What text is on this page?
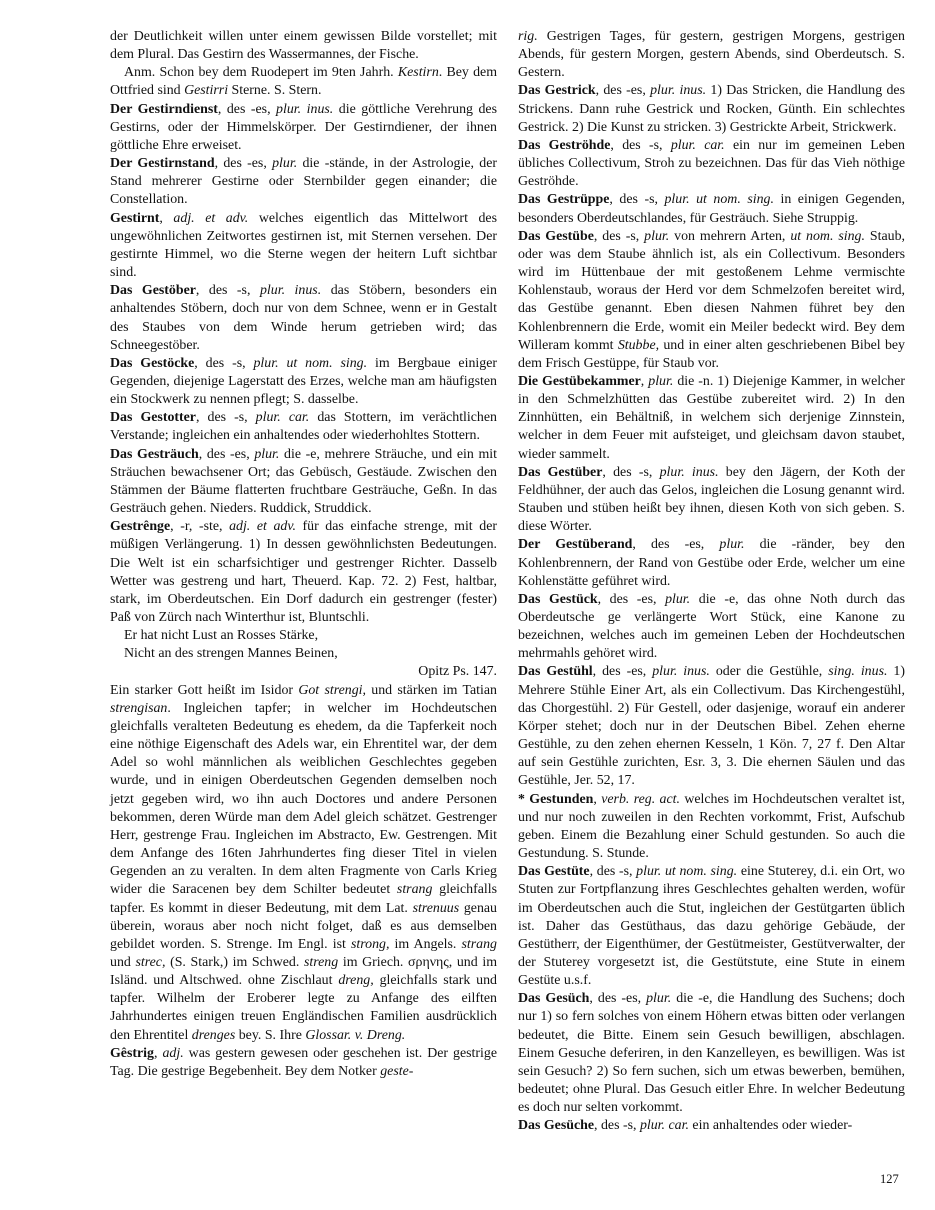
der Deutlichkeit willen unter einem gewissen Bilde vorstellet; mit dem Plural. Das Gestirn des Wassermannes, der Fische.

Anm. Schon bey dem Ruodepert im 9ten Jahrh. Kestirn. Bey dem Ottfried sind Gestirri Sterne. S. Stern.

Der Gestirndienst, des -es, plur. inus. die göttliche Verehrung des Gestirns, oder der Himmelskörper. Der Gestirndiener, der ihnen göttliche Ehre erweiset.

Der Gestirnstand, des -es, plur. die -stände, in der Astrologie, der Stand mehrerer Gestirne oder Sternbilder gegen einander; die Constellation.

Gestirnt, adj. et adv. welches eigentlich das Mittelwort des ungewöhnlichen Zeitwortes gestirnen ist, mit Sternen versehen. Der gestirnte Himmel, wo die Sterne wegen der heitern Luft sichtbar sind.

Das Gestöber, des -s, plur. inus. das Stöbern, besonders ein anhaltendes Stöbern, doch nur von dem Schnee, wenn er in Gestalt des Staubes von dem Winde herum getrieben wird; das Schneegestöber.

Das Gestöcke, des -s, plur. ut nom. sing. im Bergbaue einiger Gegenden, diejenige Lagerstatt des Erzes, welche man am häufigsten ein Stockwerk zu nennen pflegt; S. dasselbe.

Das Gestotter, des -s, plur. car. das Stottern, im verächtlichen Verstande; ingleichen ein anhaltendes oder wiederhohltes Stottern.

Das Gesträuch, des -es, plur. die -e, mehrere Sträuche, und ein mit Sträuchen bewachsener Ort; das Gebüsch, Gestäude. Zwischen den Stämmen der Bäume flatterten fruchtbare Gesträuche, Geßn. In das Gesträuch gehen. Nieders. Ruddick, Struddick.

Gestrênge, -r, -ste, adj. et adv. für das einfache strenge, mit der müßigen Verlängerung. 1) In dessen gewöhnlichsten Bedeutungen. Die Welt ist ein scharfsichtiger und gestrenger Richter. Dasselb Wetter was gestreng und hart, Theuerd. Kap. 72. 2) Fest, haltbar, stark, im Oberdeutschen. Ein Dorf dadurch ein gestrenger (fester) Paß von Zürch nach Winterthur ist, Bluntschli.

Er hat nicht Lust an Rosses Stärke,

Nicht an des strengen Mannes Beinen,

Opitz Ps. 147.

Ein starker Gott heißt im Isidor Got strengi, und stärken im Tatian strengisan. Ingleichen tapfer; in welcher im Hochdeutschen gleichfalls veralteten Bedeutung es ehedem, da die Tapferkeit noch eine nöthige Eigenschaft des Adels war, ein Ehrentitel war, der dem Adel so wohl männlichen als weiblichen Geschlechtes gegeben wurde, und in einigen Oberdeutschen Gegenden demselben noch jetzt gegeben wird, wo ihn auch Doctores und andere Personen bekommen, deren Würde man dem Adel gleich schätzet. Gestrenger Herr, gestrenge Frau. Ingleichen im Abstracto, Ew. Gestrengen. Mit dem Anfange des 16ten Jahrhundertes fing dieser Titel in vielen Gegenden an zu veralten. In dem alten Fragmente von Carls Krieg wider die Saracenen bey dem Schilter bedeutet strang gleichfalls tapfer. Es kommt in dieser Bedeutung, mit dem Lat. strenuus genau überein, woraus aber noch nicht folget, daß es aus demselben gebildet worden. S. Strenge. Im Engl. ist strong, im Angels. strang und strec, (S. Stark,) im Schwed. streng im Griech. σρηνης, und im Isländ. und Altschwed. ohne Zischlaut dreng, gleichfalls stark und tapfer. Wilhelm der Eroberer legte zu Anfange des eilften Jahrhundertes einigen treuen Engländischen Familien ausdrücklich den Ehrentitel drenges bey. S. Ihre Glossar. v. Dreng.

Gêstrig, adj. was gestern gewesen oder geschehen ist. Der gestrige Tag. Die gestrige Begebenheit. Bey dem Notker geste-

rig. Gestrigen Tages, für gestern, gestrigen Morgens, gestrigen Abends, für gestern Morgen, gestern Abends, sind Oberdeutsch. S. Gestern.

Das Gestrick, des -es, plur. inus. 1) Das Stricken, die Handlung des Strickens. Dann ruhe Gestrick und Rocken, Günth. Ein schlechtes Gestrick. 2) Die Kunst zu stricken. 3) Gestrickte Arbeit, Strickwerk.

Das Geströhde, des -s, plur. car. ein nur im gemeinen Leben übliches Collectivum, Stroh zu bezeichnen. Das für das Vieh nöthige Geströhde.

Das Gestrüppe, des -s, plur. ut nom. sing. in einigen Gegenden, besonders Oberdeutschlandes, für Gesträuch. Siehe Struppig.

Das Gestübe, des -s, plur. von mehrern Arten, ut nom. sing. Staub, oder was dem Staube ähnlich ist, als ein Collectivum. Besonders wird im Hüttenbaue der mit gestoßenem Lehme vermischte Kohlenstaub, woraus der Herd vor dem Schmelzofen bereitet wird, das Gestübe genannt. Eben diesen Nahmen führet bey den Kohlenbrennern die Erde, womit ein Meiler bedeckt wird. Bey dem Willeram kommt Stubbe, und in einer alten geschriebenen Bibel bey dem Frisch Gestüppe, für Staub vor.

Die Gestübekammer, plur. die -n. 1) Diejenige Kammer, in welcher in den Schmelzhütten das Gestübe zubereitet wird. 2) In den Zinnhütten, ein Behältniß, in welchem sich derjenige Zinnstein, welcher in dem Feuer mit aufsteiget, und gleichsam davon staubet, wieder sammelt.

Das Gestüber, des -s, plur. inus. bey den Jägern, der Koth der Feldhühner, der auch das Gelos, ingleichen die Losung genannt wird. Stauben und stüben heißt bey ihnen, diesen Koth von sich geben. S. diese Wörter.

Der Gestüberand, des -es, plur. die -ränder, bey den Kohlenbrennern, der Rand von Gestübe oder Erde, welcher um eine Kohlenstätte geführet wird.

Das Gestück, des -es, plur. die -e, das ohne Noth durch das Oberdeutsche ge verlängerte Wort Stück, eine Kanone zu bezeichnen, welches auch im gemeinen Leben der Hochdeutschen mehrmahls gehöret wird.

Das Gestühl, des -es, plur. inus. oder die Gestühle, sing. inus. 1) Mehrere Stühle Einer Art, als ein Collectivum. Das Kirchengestühl, das Chorgestühl. 2) Für Gestell, oder dasjenige, worauf ein anderer Körper stehet; doch nur in der Deutschen Bibel. Zehen eherne Gestühle, zu den zehen ehernen Kesseln, 1 Kön. 7, 27 f. Den Altar auf sein Gestühle zurichten, Esr. 3, 3. Die ehernen Säulen und das Gestühle, Jer. 52, 17.

* Gestunden, verb. reg. act. welches im Hochdeutschen veraltet ist, und nur noch zuweilen in den Rechten vorkommt, Frist, Aufschub geben. Einem die Bezahlung einer Schuld gestunden. So auch die Gestundung. S. Stunde.

Das Gestüte, des -s, plur. ut nom. sing. eine Stuterey, d.i. ein Ort, wo Stuten zur Fortpflanzung ihres Geschlechtes gehalten werden, wofür im Oberdeutschen auch die Stut, ingleichen der Gestütgarten üblich ist. Daher das Gestüthaus, das dazu gehörige Gebäude, der Gestütherr, der Eigenthümer, der Gestütmeister, Gestütverwalter, der der Stuterey vorgesetzt ist, die Gestütstute, eine Stute in einem Gestüte u.s.f.

Das Gesüch, des -es, plur. die -e, die Handlung des Suchens; doch nur 1) so fern solches von einem Höhern etwas bitten oder verlangen bedeutet, die Bitte. Einem sein Gesuch bewilligen, abschlagen. Einem Gesuche deferiren, in den Kanzelleyen, es bewilligen. Was ist sein Gesuch? 2) So fern suchen, sich um etwas bewerben, bemühen, bedeutet; ohne Plural. Das Gesuch eitler Ehre. In welcher Bedeutung es doch nur selten vorkommt.

Das Gesüche, des -s, plur. car. ein anhaltendes oder wieder-

127
